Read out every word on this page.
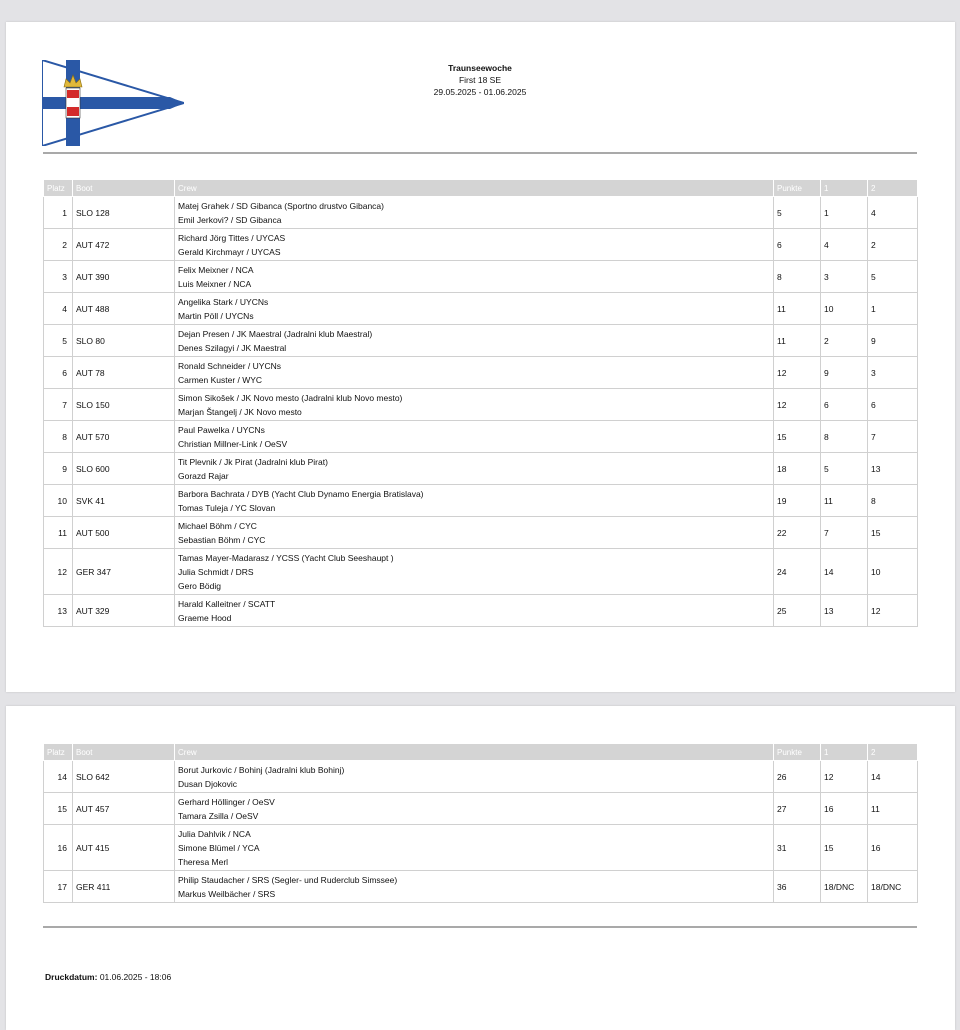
Traunseewoche
First 18 SE
29.05.2025 - 01.06.2025
Platz	Boot	Crew	Punkte	1	2
1	SLO 128	Matej Grahek / SD Gibanca (Sportno drustvo Gibanca)
Emil Jerkovi? / SD Gibanca	5	1	4
2	AUT 472	Richard Jörg Tittes / UYCAS
Gerald Kirchmayr / UYCAS	6	4	2
3	AUT 390	Felix Meixner / NCA
Luis Meixner / NCA	8	3	5
4	AUT 488	Angelika Stark / UYCNs
Martin Pöll / UYCNs	11	10	1
5	SLO 80	Dejan Presen / JK Maestral (Jadralni klub Maestral)
Denes Szilagyi / JK Maestral	11	2	9
6	AUT 78	Ronald Schneider / UYCNs
Carmen Kuster / WYC	12	9	3
7	SLO 150	Simon Sikošek / JK Novo mesto (Jadralni klub Novo mesto)
Marjan Štangelj / JK Novo mesto	12	6	6
8	AUT 570	Paul Pawelka / UYCNs
Christian Millner-Link / OeSV	15	8	7
9	SLO 600	Tit Plevnik / Jk Pirat (Jadralni klub Pirat)
Gorazd Rajar	18	5	13
10	SVK 41	Barbora Bachrata / DYB (Yacht Club Dynamo Energia Bratislava)
Tomas Tuleja / YC Slovan	19	11	8
11	AUT 500	Michael Böhm / CYC
Sebastian Böhm / CYC	22	7	15
12	GER 347	Tamas Mayer-Madarasz / YCSS (Yacht Club Seeshaupt )
Julia Schmidt / DRS
Gero Bödig	24	14	10
13	AUT 329	Harald Kalleitner / SCATT
Graeme Hood	25	13	12
Platz	Boot	Crew	Punkte	1	2
14	SLO 642	Borut Jurkovic / Bohinj (Jadralni klub Bohinj)
Dusan Djokovic	26	12	14
15	AUT 457	Gerhard Höllinger / OeSV
Tamara Zsilla / OeSV	27	16	11
16	AUT 415	Julia Dahlvik / NCA
Simone Blümel / YCA
Theresa Merl	31	15	16
17	GER 411	Philip Staudacher / SRS (Segler- und Ruderclub Simssee)
Markus Weilbächer / SRS	36	18/DNC	18/DNC
Druckdatum: 01.06.2025 - 18:06
